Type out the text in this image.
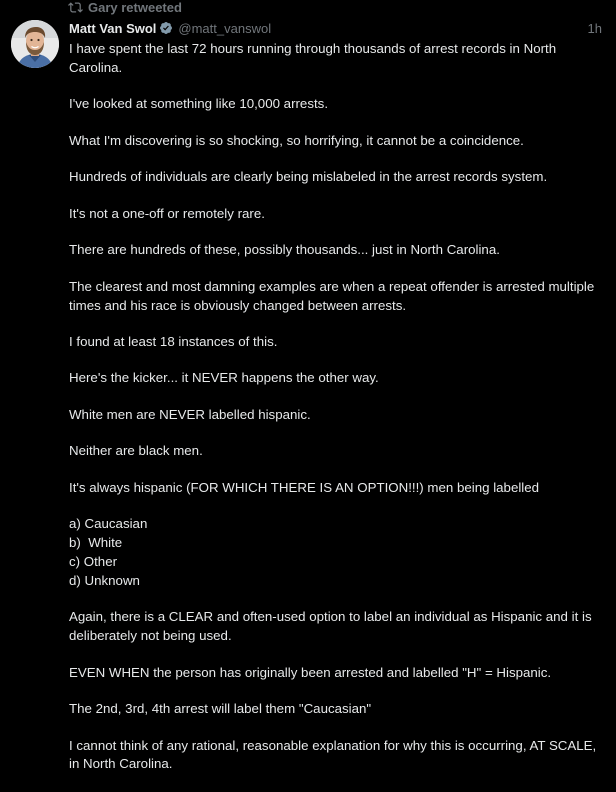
Gary retweeted
Matt Van Swol @matt_vanswol	1h

I have spent the last 72 hours running through thousands of arrest records in North Carolina.

I've looked at something like 10,000 arrests.

What I'm discovering is so shocking, so horrifying, it cannot be a coincidence.

Hundreds of individuals are clearly being mislabeled in the arrest records system.

It's not a one-off or remotely rare.

There are hundreds of these, possibly thousands... just in North Carolina.

The clearest and most damning examples are when a repeat offender is arrested multiple times and his race is obviously changed between arrests.

I found at least 18 instances of this.

Here's the kicker... it NEVER happens the other way.

White men are NEVER labelled hispanic.

Neither are black men.

It's always hispanic (FOR WHICH THERE IS AN OPTION!!!) men being labelled

a) Caucasian

b)  White

c) Other

d) Unknown

Again, there is a CLEAR and often-used option to label an individual as Hispanic and it is deliberately not being used.

EVEN WHEN the person has originally been arrested and labelled "H" = Hispanic.

The 2nd, 3rd, 4th arrest will label them "Caucasian"

I cannot think of any rational, reasonable explanation for why this is occurring, AT SCALE, in North Carolina.
